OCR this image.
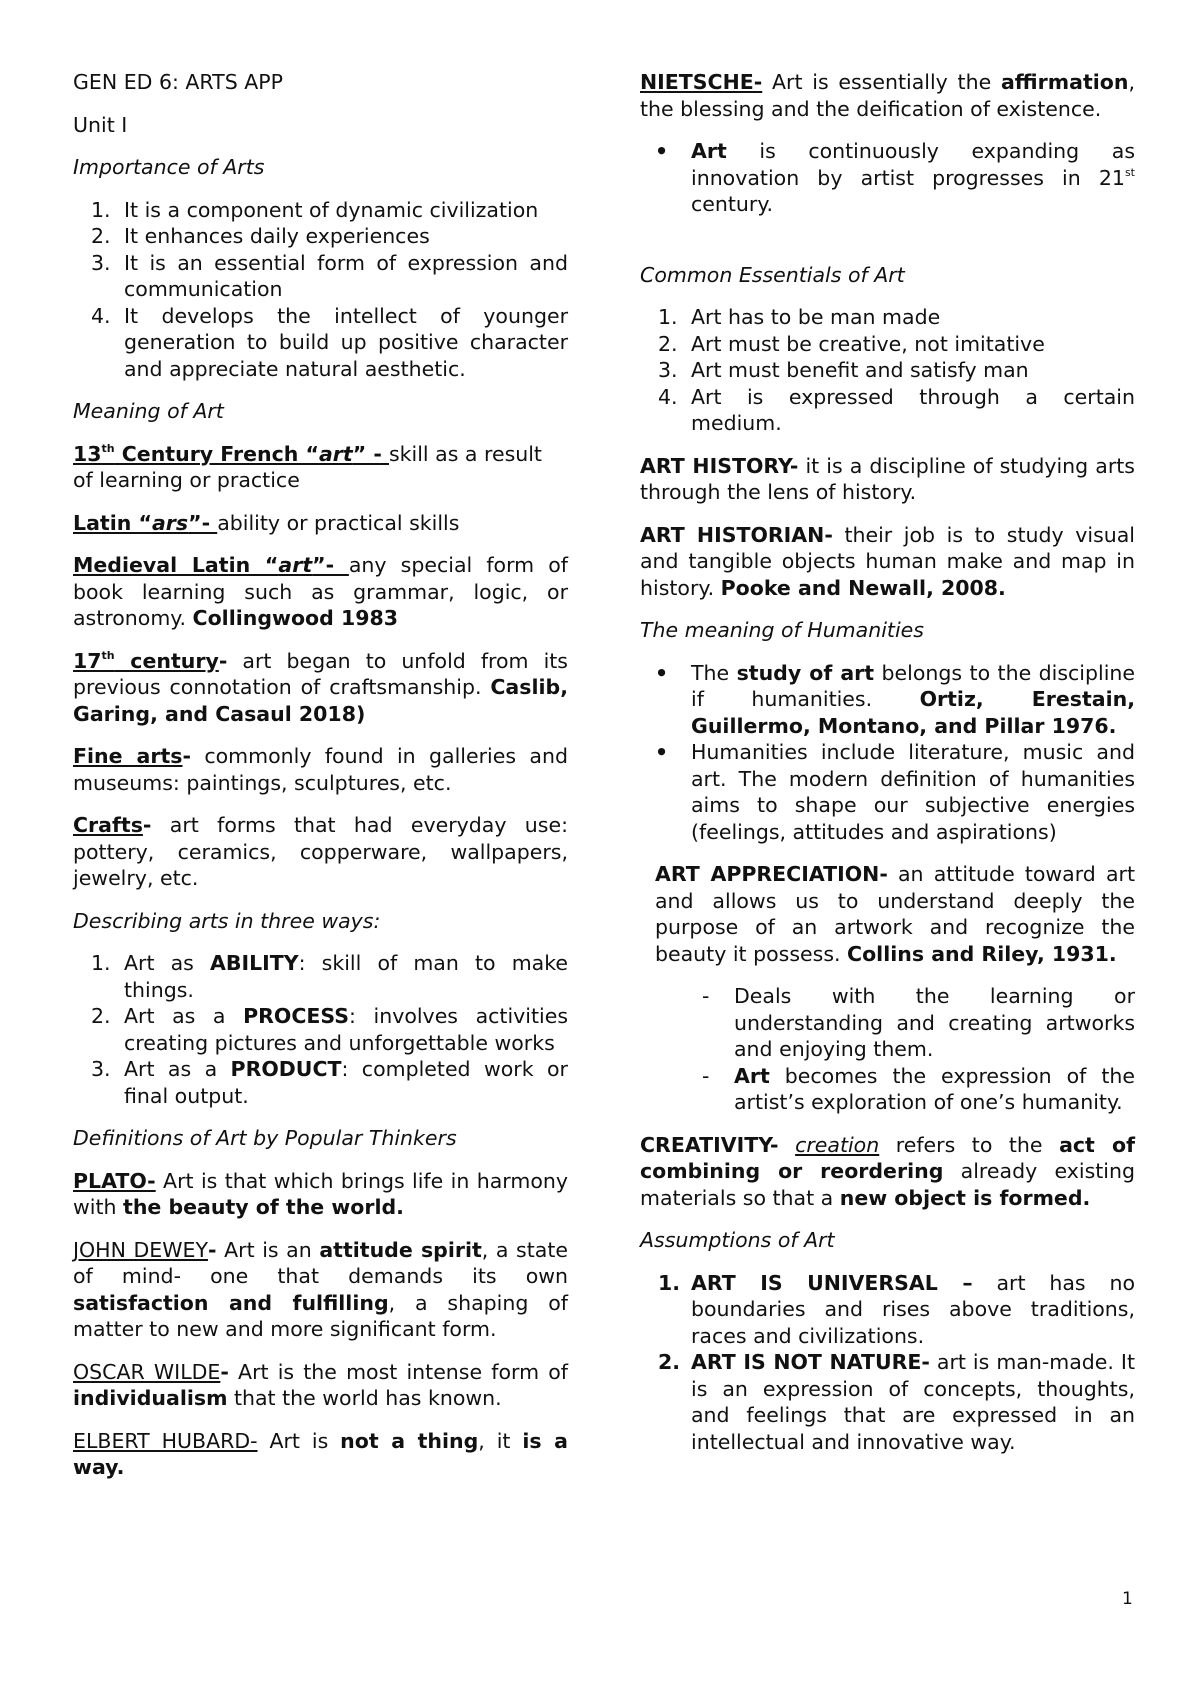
GEN ED 6: ARTS APP

Unit I

Importance of Arts

1. It is a component of dynamic civilization
2. It enhances daily experiences
3. It is an essential form of expression and communication
4. It develops the intellect of younger generation to build up positive character and appreciate natural aesthetic.

Meaning of Art

13th Century French “art” - skill as a result of learning or practice

Latin “ars”- ability or practical skills

Medieval Latin “art”- any special form of book learning such as grammar, logic, or astronomy. Collingwood 1983

17th century- art began to unfold from its previous connotation of craftsmanship. Caslib, Garing, and Casaul 2018)

Fine arts- commonly found in galleries and museums: paintings, sculptures, etc.

Crafts- art forms that had everyday use: pottery, ceramics, copperware, wallpapers, jewelry, etc.

Describing arts in three ways:

1. Art as ABILITY: skill of man to make things.
2. Art as a PROCESS: involves activities creating pictures and unforgettable works
3. Art as a PRODUCT: completed work or final output.

Definitions of Art by Popular Thinkers

PLATO- Art is that which brings life in harmony with the beauty of the world.

JOHN DEWEY- Art is an attitude spirit, a state of mind- one that demands its own satisfaction and fulfilling, a shaping of matter to new and more significant form.

OSCAR WILDE- Art is the most intense form of individualism that the world has known.

ELBERT HUBARD- Art is not a thing, it is a way.

NIETSCHE- Art is essentially the affirmation, the blessing and the deification of existence.

• Art is continuously expanding as innovation by artist progresses in 21st century.

Common Essentials of Art

1. Art has to be man made
2. Art must be creative, not imitative
3. Art must benefit and satisfy man
4. Art is expressed through a certain medium.

ART HISTORY- it is a discipline of studying arts through the lens of history.

ART HISTORIAN- their job is to study visual and tangible objects human make and map in history. Pooke and Newall, 2008.

The meaning of Humanities

• The study of art belongs to the discipline if humanities. Ortiz, Erestain, Guillermo, Montano, and Pillar 1976.
• Humanities include literature, music and art. The modern definition of humanities aims to shape our subjective energies (feelings, attitudes and aspirations)

ART APPRECIATION- an attitude toward art and allows us to understand deeply the purpose of an artwork and recognize the beauty it possess. Collins and Riley, 1931.

- Deals with the learning or understanding and creating artworks and enjoying them.
- Art becomes the expression of the artist’s exploration of one’s humanity.

CREATIVITY- creation refers to the act of combining or reordering already existing materials so that a new object is formed.

Assumptions of Art

1. ART IS UNIVERSAL – art has no boundaries and rises above traditions, races and civilizations.
2. ART IS NOT NATURE- art is man-made. It is an expression of concepts, thoughts, and feelings that are expressed in an intellectual and innovative way.
1
